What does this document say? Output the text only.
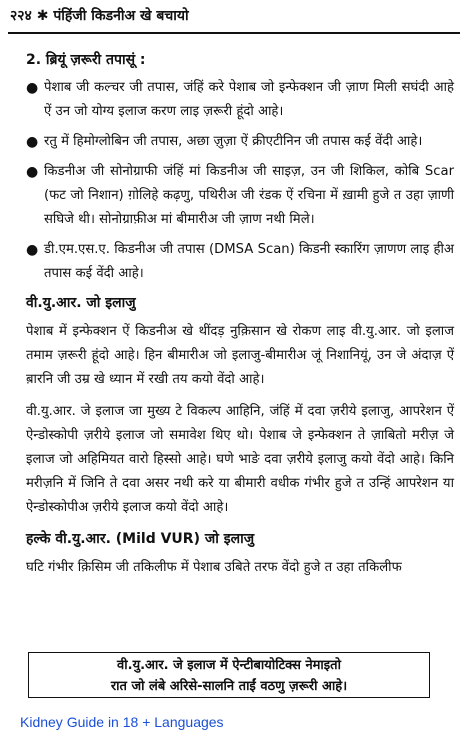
२२४ ✱ पंहिंजी किडनीअ खे बचायो
2. ब्रियूं ज़रूरी तपासूं :
● पेशाब जी कल्चर जी तपास, जंहिं करे पेशाब जो इन्फेक्शन जी ज़ाण मिली सघंदी आहे ऐं उन जो योग्य इलाज करण लाइ ज़रूरी हूंदो आहे।
● रतु में हिमोग्लोबिन जी तपास, अछा ज़ुज़ा ऐं क्रीएटीनिन जी तपास कई वेंदी आहे।
● किडनीअ जी सोनोग्राफी जंहिं मां किडनीअ जी साइज़, उन जी शिकिल, कोबि Scar (फट जो निशान) ग़ोलिहे कढ़णु, पथिरीअ जी रंडक ऐं रचिना में ख़ामी हुजे त उहा ज़ाणी सघिजे थी। सोनोग्राफ़ीअ मां बीमारीअ जी ज़ाण नथी मिले।
● डी.एम.एस.ए. किडनीअ जी तपास (DMSA Scan) किडनी स्कारिंग ज़ाणण लाइ हीअ तपास कई वेंदी आहे।
वी.यु.आर. जो इलाजु

पेशाब में इन्फेक्शन ऐं किडनीअ खे थींदड़ नुक़िसान खे रोकण लाइ वी.यु.आर. जो इलाज तमाम ज़रूरी हूंदो आहे। हिन बीमारीअ जो इलाजु-बीमारीअ जूं निशानियूं, उन जे अंदाज़ ऐं ब़ारनि जी उम्र खे ध्यान में रखी तय कयो वेंदो आहे।

वी.यु.आर. जे इलाज जा मुख्य टे विकल्प आहिनि, जंहिं में दवा ज़रीये इलाजु, आपरेशन ऐं ऐन्डोस्कोपी ज़रीये इलाज जो समावेश थिए थो। पेशाब जे इन्फेक्शन ते ज़ाबितो मरीज़ जे इलाज जो अहिमियत वारो हिस्सो आहे। घणे भाङे दवा ज़रीये इलाजु कयो वेंदो आहे। किनि मरीज़नि में जिनि ते दवा असर नथी करे या बीमारी वधीक गंभीर हुजे त उन्हिं आपरेशन या ऐन्डोस्कोपीअ ज़रीये इलाज कयो वेंदो आहे।

हल्के वी.यु.आर. (Mild VUR) जो इलाजु

घटि गंभीर क़िसिम जी तकिलीफ में पेशाब उबिते तरफ वेंदो हुजे त उहा तकिलीफ

वी.यु.आर. जे इलाज में ऐन्टीबायोटिक्स नेमाइतो
रात जो लंबे अरिसे-सालनि ताईं वठणु ज़रूरी आहे।
Kidney Guide in 18 + Languages
